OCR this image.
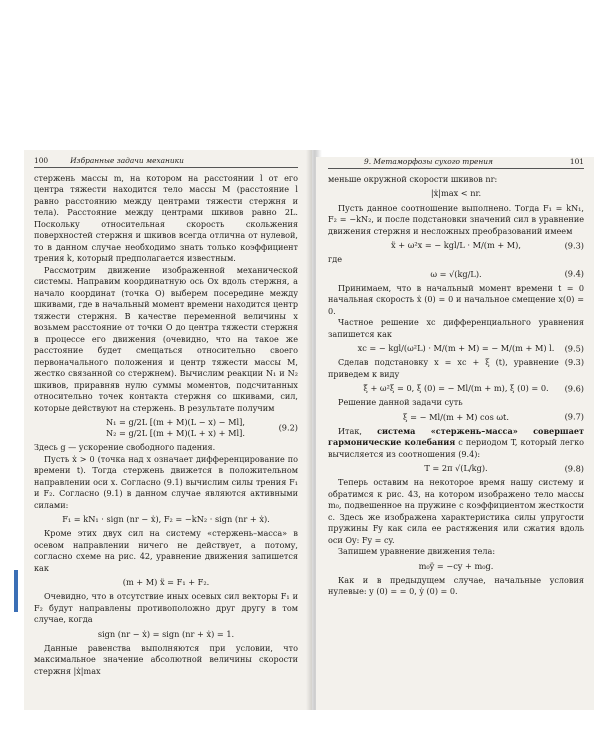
100	Избранные задачи механики

стержень массы m, на котором на расстоянии l от его центра тяжести находится тело массы M (расстояние l равно расстоянию между центрами тяжести стержня и тела). Расстояние между центрами шкивов равно 2L. Поскольку относительная скорость скольжения поверхностей стержня и шкивов всегда отлична от нулевой, то в данном случае необходимо знать только коэффициент трения k, который предполагается известным.

Рассмотрим движение изображенной механической системы. Направим координатную ось Ox вдоль стержня, а начало координат (точка O) выберем посередине между шкивами, где в начальный момент времени находится центр тяжести стержня. В качестве переменной величины x возьмем расстояние от точки O до центра тяжести стержня в процессе его движения (очевидно, что на такое же расстояние будет смещаться относительно своего первоначального положения и центр тяжести массы M, жестко связанной со стержнем). Вычислим реакции N₁ и N₂ шкивов, приравняв нулю суммы моментов, подсчитанных относительно точек контакта стержня со шкивами, сил, которые действуют на стержень. В результате получим

N₁ = g/2L [(m + M)(L − x) − Ml],
N₂ = g/2L [(m + M)(L + x) + Ml].
(9.2)

Здесь g — ускорение свободного падения.

Пусть ẋ > 0 (точка над x означает дифференцирование по времени t). Тогда стержень движется в положительном направлении оси x. Согласно (9.1) вычислим силы трения F₁ и F₂. Согласно (9.1) в данном случае являются активными силами:

F₁ = kN₁ · sign (nr − ẋ), F₂ = −kN₂ · sign (nr + ẋ).

Кроме этих двух сил на систему «стержень–масса» в осевом направлении ничего не действует, а потому, согласно схеме на рис. 42, уравнение движения запишется как

(m + M) ẍ = F₁ + F₂.

Очевидно, что в отсутствие иных осевых сил векторы F₁ и F₂ будут направлены противоположно друг другу в том случае, когда

sign (nr − ẋ) = sign (nr + ẋ) = 1.

Данные равенства выполняются при условии, что максимальное значение абсолютной величины скорости стержня |ẋ|max

9. Метаморфозы сухого трения	101

меньше окружной скорости шкивов nr:

|ẋ|max < nr.

Пусть данное соотношение выполнено. Тогда F₁ = kN₁, F₂ = −kN₂, и после подстановки значений сил в уравнение движения стержня и несложных преобразований имеем

ẍ + ω²x = − kgl/L · M/(m + M),	(9.3)

где

ω = √(kg/L).	(9.4)

Принимаем, что в начальный момент времени t = 0 начальная скорость ẋ (0) = 0 и начальное смещение x(0) = 0.

Частное решение xc дифференциального уравнения запишется как

xc = − kgl/(ω²L) · M/(m + M) = − M/(m + M) l. (9.5)

Сделав подстановку x = xc + ξ (t), уравнение (9.3) приведем к виду

ξ̈ + ω²ξ = 0, ξ (0) = − Ml/(m + m), ξ̇ (0) = 0. (9.6)

Решение данной задачи суть

ξ = − Ml/(m + M) cos ωt.	(9.7)

Итак, система «стержень–масса» совершает гармонические колебания с периодом T, который легко вычисляется из соотношения (9.4):

T = 2π √(L/kg).	(9.8)

Теперь оставим на некоторое время нашу систему и обратимся к рис. 43, на котором изображено тело массы m₀, подвешенное на пружине с коэффициентом жесткости c. Здесь же изображена характеристика силы упругости пружины Fy как сила ее растяжения или сжатия вдоль оси Oy: Fy = cy.

Запишем уравнение движения тела:

m₀ÿ = −cy + m₀g.

Как и в предыдущем случае, начальные условия нулевые: y (0) = = 0, ẏ (0) = 0.
